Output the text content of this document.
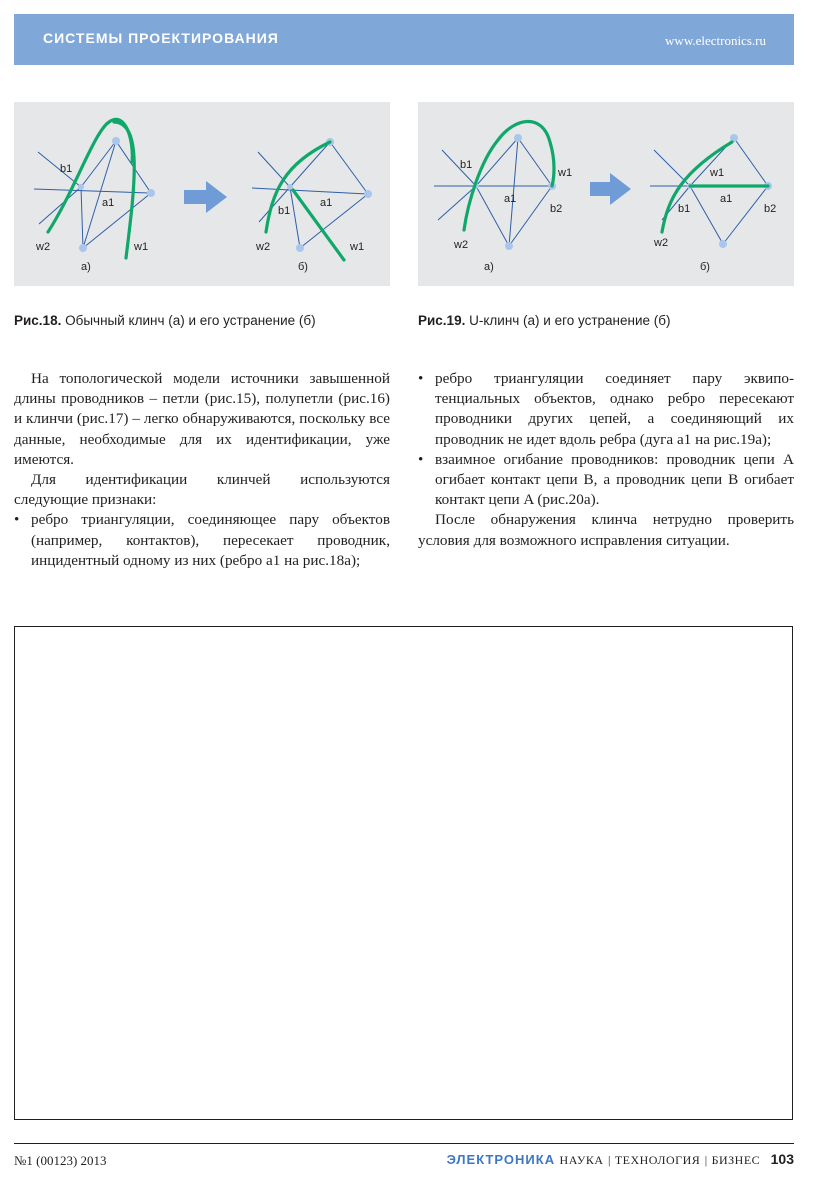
СИСТЕМЫ ПРОЕКТИРОВАНИЯ	www.electronics.ru
b1
a1
w2	w1
а)
b1
a1
w2	w1
б)
b1
a1
w1
b2
w2
а)
b1
a1
w1
b2
w2
б)
Рис.18. Обычный клинч (а) и его устранение (б)	Рис.19. U-клинч (а) и его устранение (б)

На топологической модели источники завышенной длины проводников – петли (рис.15), полупетли (рис.16) и клинчи (рис.17) – легко обнаруживаются, поскольку все данные, необходимые для их идентификации, уже имеются.

Для идентификации клинчей используются следующие признаки:

• ребро триангуляции, соединяющее пару объектов (например, контактов), пересекает проводник, инцидентный одному из них (ребро a1 на рис.18а);

• ребро триангуляции соединяет пару эквипотенциальных объектов, однако ребро пересекают проводники других цепей, а соединяющий их проводник не идет вдоль ребра (дуга a1 на рис.19а);

• взаимное огибание проводников: проводник цепи A огибает контакт цепи B, а проводник цепи B огибает контакт цепи A (рис.20а).

После обнаружения клинча нетрудно проверить условия для возможного исправления ситуации.

№1 (00123) 2013	ЭЛЕКТРОНИКА НАУКА | ТЕХНОЛОГИЯ | БИЗНЕС 103
